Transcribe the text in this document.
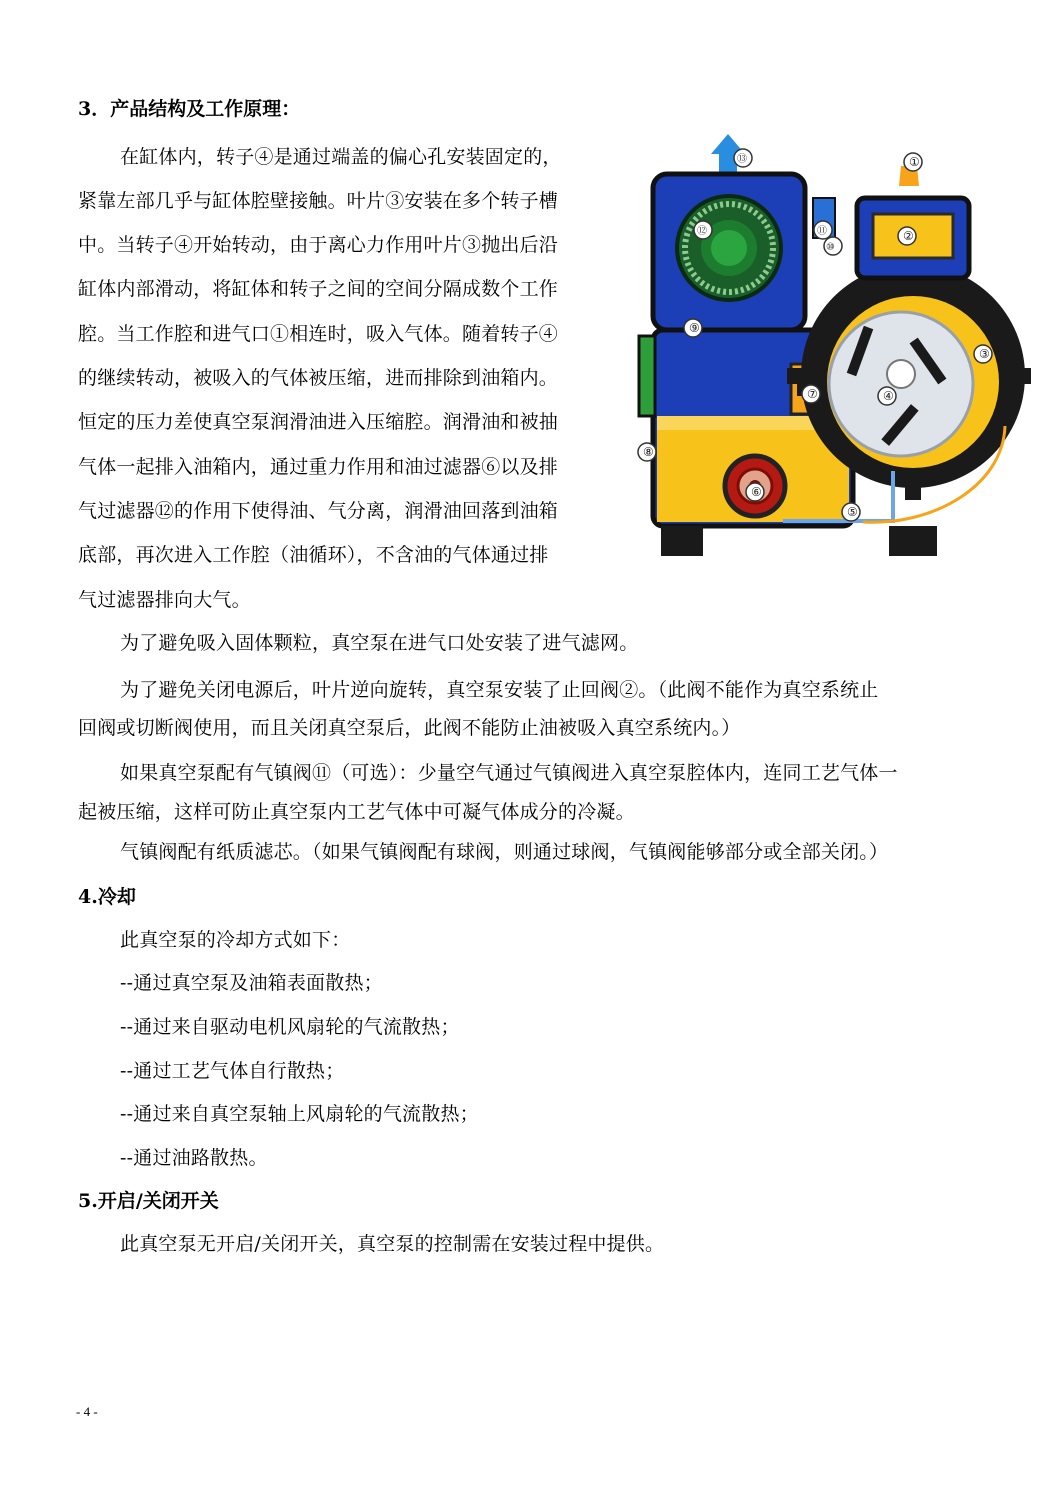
3．产品结构及工作原理：
在缸体内，转子④是通过端盖的偏心孔安装固定的，
紧靠左部几乎与缸体腔壁接触。叶片③安装在多个转子槽
中。当转子④开始转动，由于离心力作用叶片③抛出后沿
缸体内部滑动，将缸体和转子之间的空间分隔成数个工作
腔。当工作腔和进气口①相连时，吸入气体。随着转子④
的继续转动，被吸入的气体被压缩，进而排除到油箱内。
恒定的压力差使真空泵润滑油进入压缩腔。润滑油和被抽
气体一起排入油箱内，通过重力作用和油过滤器⑥以及排
气过滤器⑫的作用下使得油、气分离，润滑油回落到油箱
底部，再次进入工作腔（油循环），不含油的气体通过排
气过滤器排向大气。
为了避免吸入固体颗粒，真空泵在进气口处安装了进气滤网。
为了避免关闭电源后，叶片逆向旋转，真空泵安装了止回阀②。（此阀不能作为真空系统止
回阀或切断阀使用，而且关闭真空泵后，此阀不能防止油被吸入真空系统内。）
如果真空泵配有气镇阀⑪（可选）：少量空气通过气镇阀进入真空泵腔体内，连同工艺气体一
起被压缩，这样可防止真空泵内工艺气体中可凝气体成分的冷凝。
气镇阀配有纸质滤芯。（如果气镇阀配有球阀，则通过球阀，气镇阀能够部分或全部关闭。）
4.冷却
此真空泵的冷却方式如下：
--通过真空泵及油箱表面散热；
--通过来自驱动电机风扇轮的气流散热；
--通过工艺气体自行散热；
--通过来自真空泵轴上风扇轮的气流散热；
--通过油路散热。
5.开启/关闭开关
此真空泵无开启/关闭开关，真空泵的控制需在安装过程中提供。
①
②
③
④
⑤
⑥
⑦
⑧
⑨
⑩
⑪
⑫
⑬
- 4 -
